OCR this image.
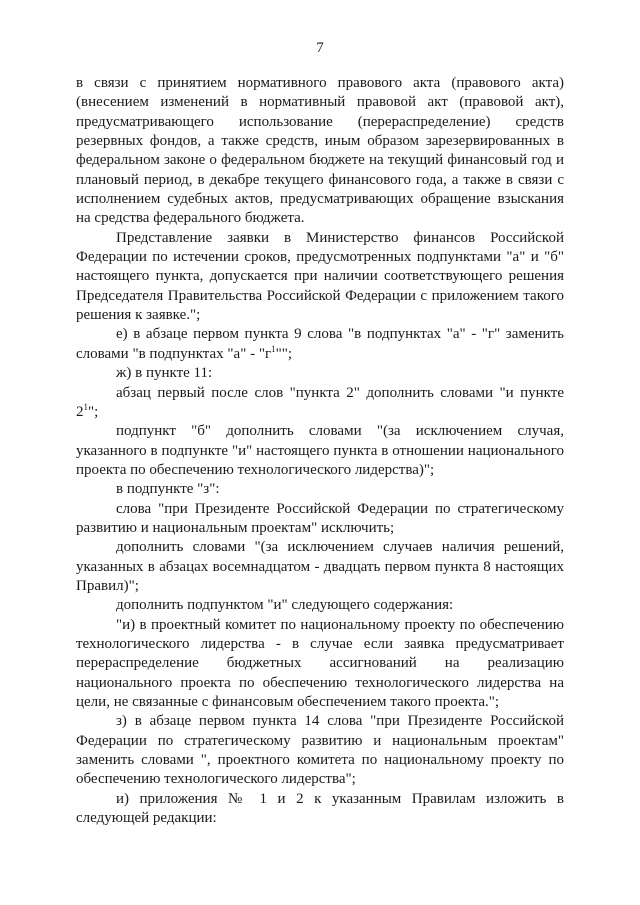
7

в связи с принятием нормативного правового акта (правового акта) (внесением изменений в нормативный правовой акт (правовой акт), предусматривающего использование (перераспределение) средств резервных фондов, а также средств, иным образом зарезервированных в федеральном законе о федеральном бюджете на текущий финансовый год и плановый период, в декабре текущего финансового года, а также в связи с исполнением судебных актов, предусматривающих обращение взыскания на средства федерального бюджета.

Представление заявки в Министерство финансов Российской Федерации по истечении сроков, предусмотренных подпунктами "а" и "б" настоящего пункта, допускается при наличии соответствующего решения Председателя Правительства Российской Федерации с приложением такого решения к заявке.";

е) в абзаце первом пункта 9 слова "в подпунктах "а" - "г" заменить словами "в подпунктах "а" - "$г^1$"";

ж) в пункте 11:

абзац первый после слов "пункта 2" дополнить словами "и пункте $2^1$";

подпункт "б" дополнить словами "(за исключением случая, указанного в подпункте "и" настоящего пункта в отношении национального проекта по обеспечению технологического лидерства)";

в подпункте "з":

слова "при Президенте Российской Федерации по стратегическому развитию и национальным проектам" исключить;

дополнить словами "(за исключением случаев наличия решений, указанных в абзацах восемнадцатом - двадцать первом пункта 8 настоящих Правил)";

дополнить подпунктом "и" следующего содержания:

"и) в проектный комитет по национальному проекту по обеспечению технологического лидерства - в случае если заявка предусматривает перераспределение бюджетных ассигнований на реализацию национального проекта по обеспечению технологического лидерства на цели, не связанные с финансовым обеспечением такого проекта.";

з) в абзаце первом пункта 14 слова "при Президенте Российской Федерации по стратегическому развитию и национальным проектам" заменить словами ", проектного комитета по национальному проекту по обеспечению технологического лидерства";

и) приложения № 1 и 2 к указанным Правилам изложить в следующей редакции:
